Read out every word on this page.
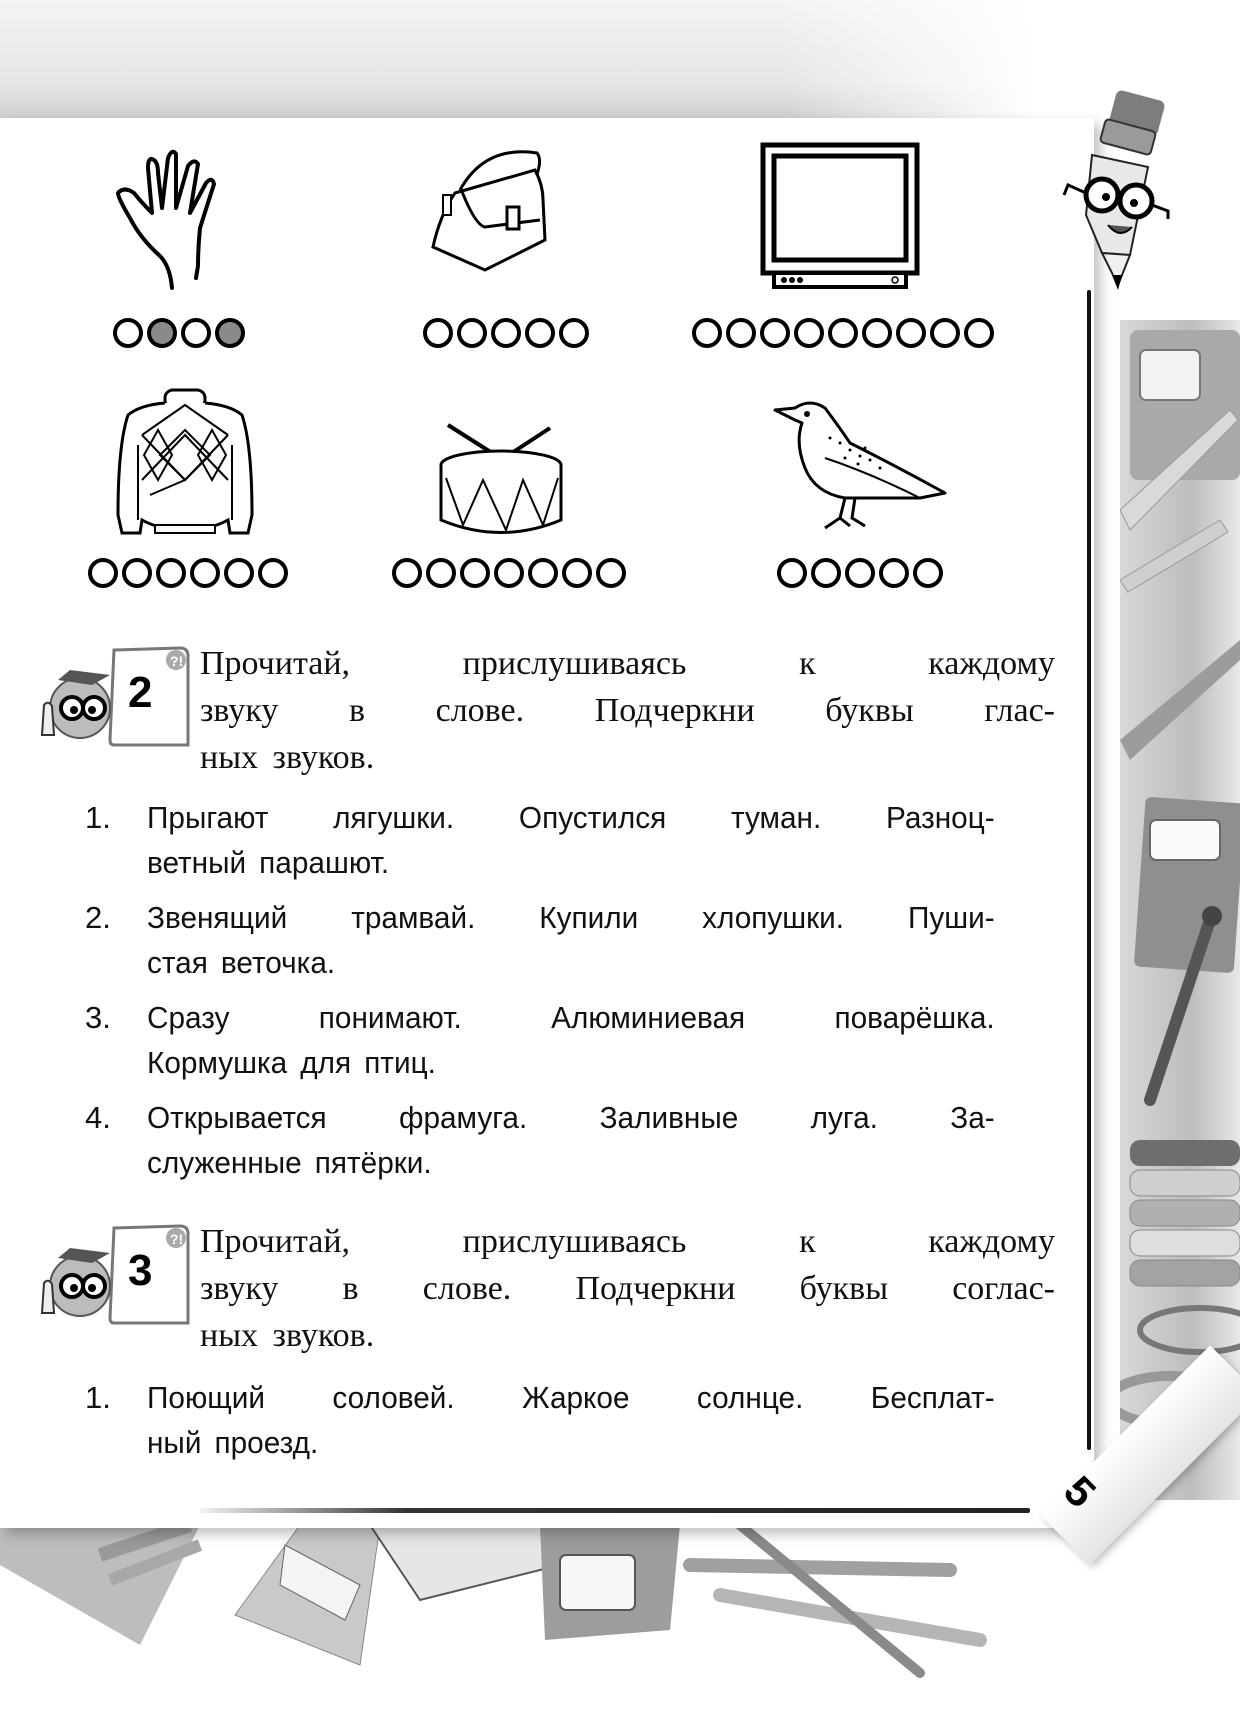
?!
2
Прочитай, прислушиваясь к каждому
звуку в слове. Подчеркни буквы глас-
ных звуков.
1. Прыгают лягушки. Опустился туман. Разноц-
ветный парашют.
2. Звенящий трамвай. Купили хлопушки. Пуши-
стая веточка.
3. Сразу понимают. Алюминиевая поварёшка.
Кормушка для птиц.
4. Открывается фрамуга. Заливные луга. За-
служенные пятёрки.
?!
3
Прочитай, прислушиваясь к каждому
звуку в слове. Подчеркни буквы соглас-
ных звуков.
1. Поющий соловей. Жаркое солнце. Бесплат-
ный проезд.
5
